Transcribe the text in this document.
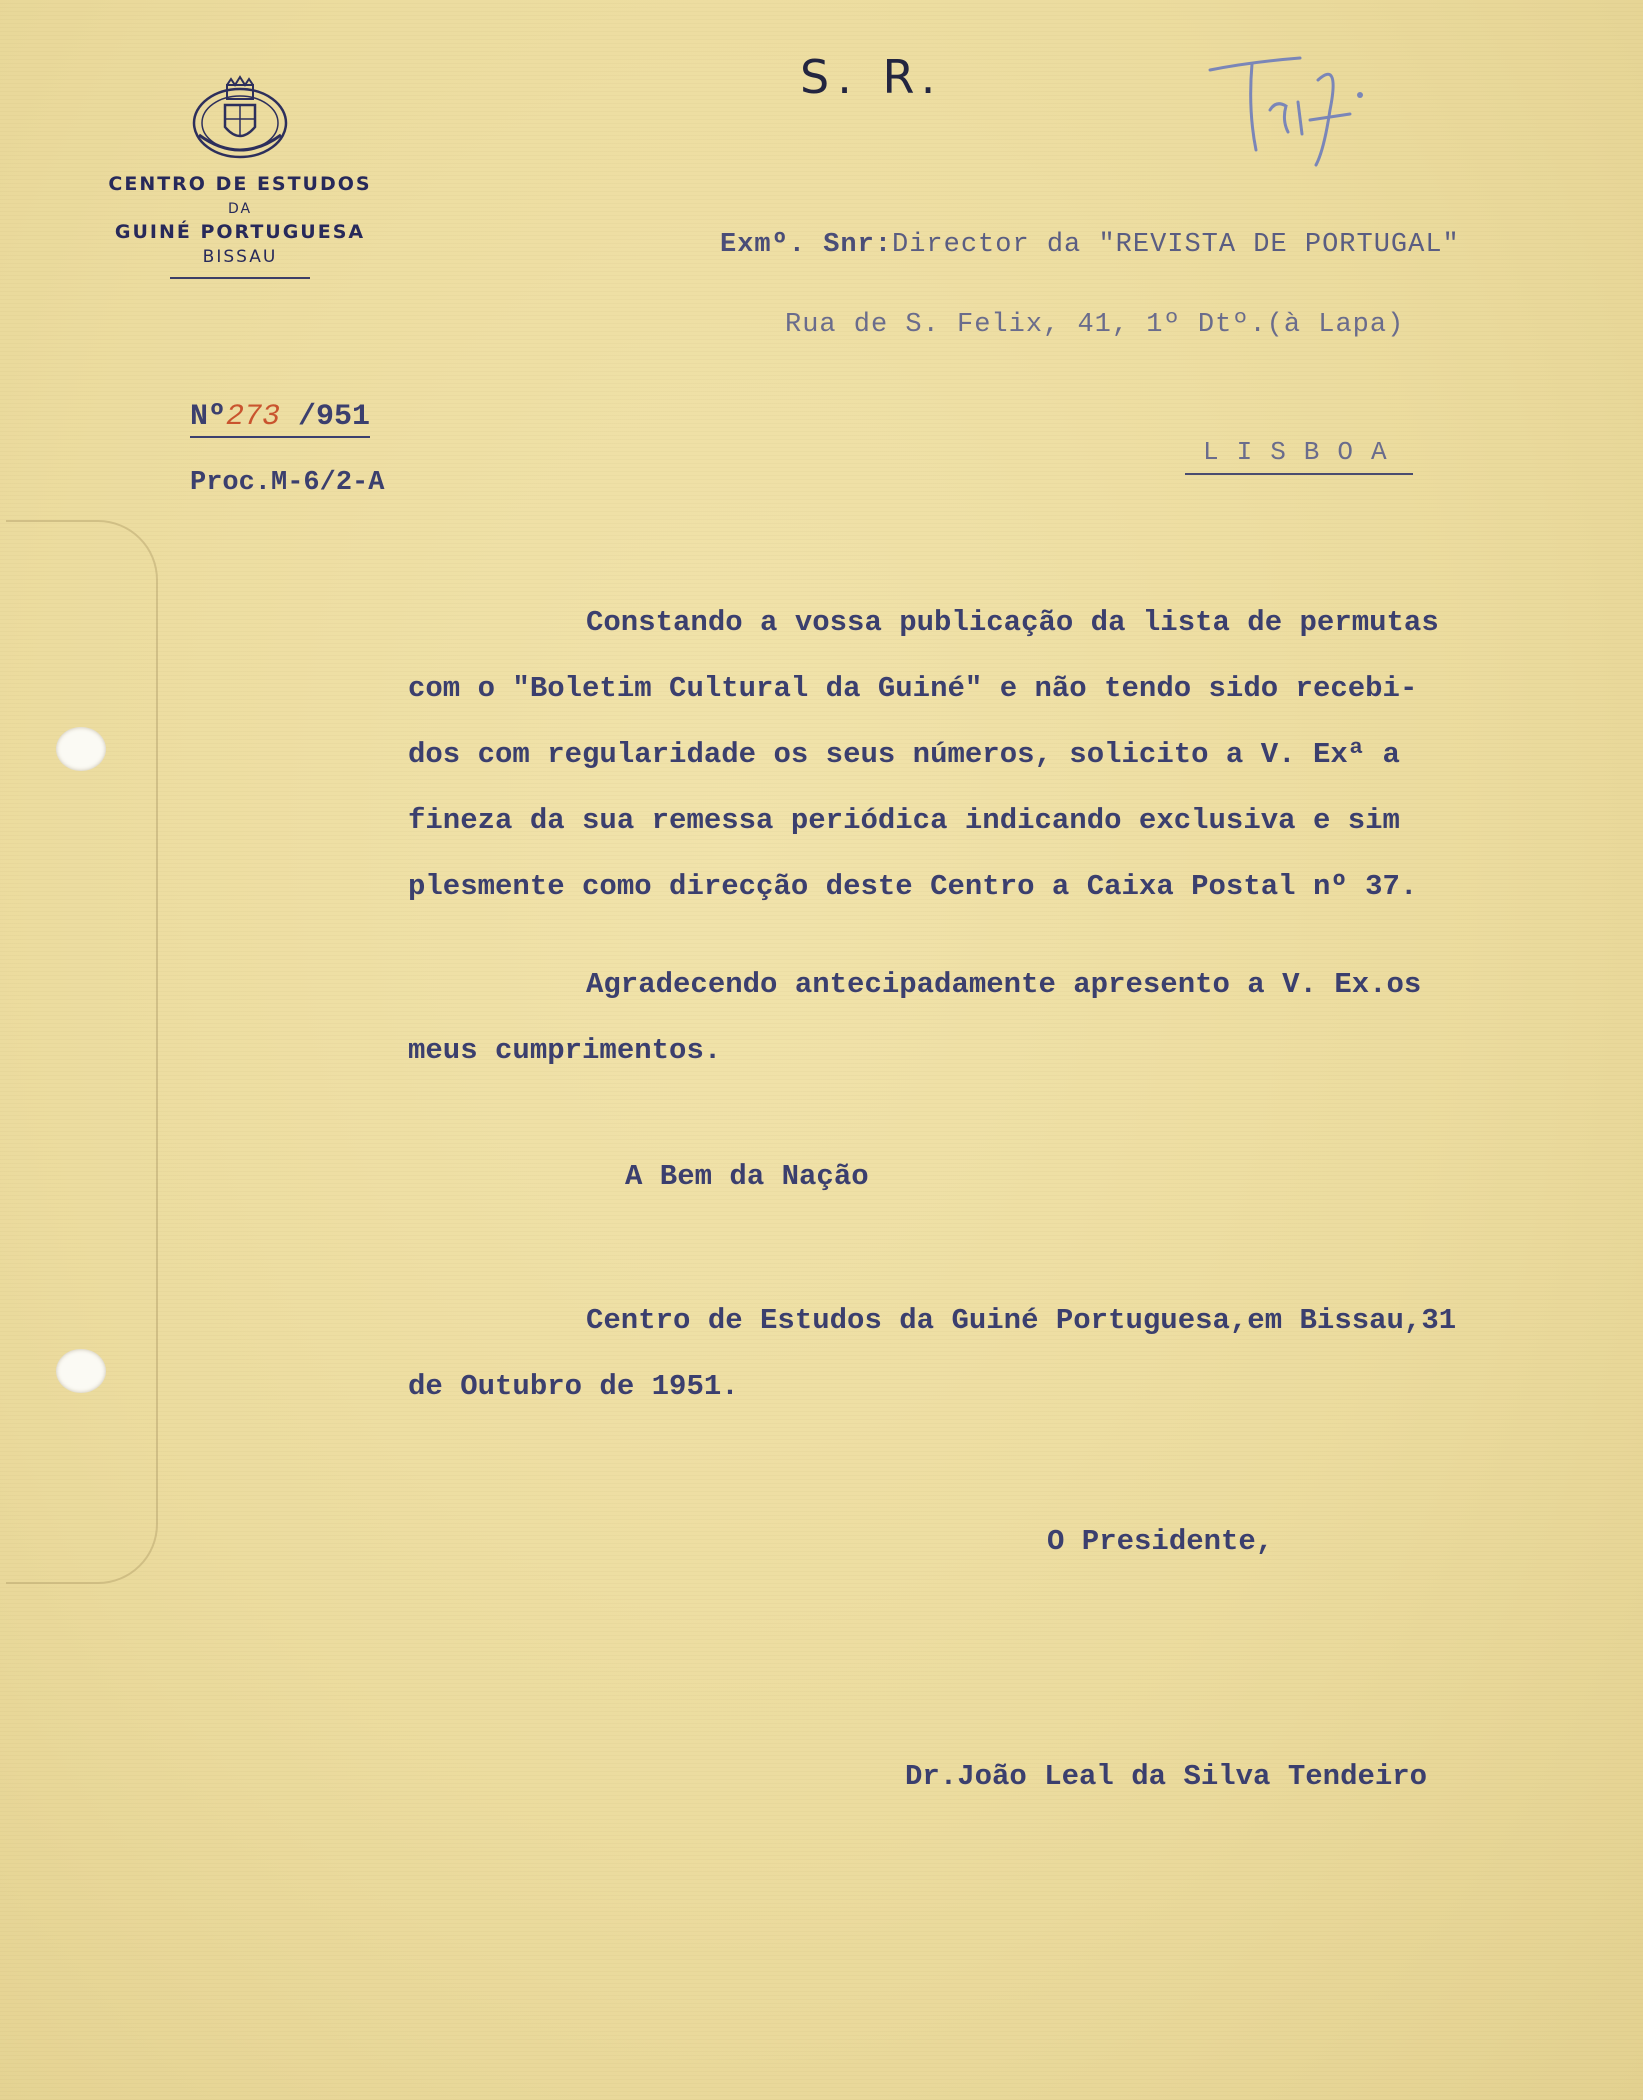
CENTRO DE ESTUDOS
DA
GUINÉ PORTUGUESA
BISSAU
S. R.
Exmº. Snr:Director da "REVISTA DE PORTUGAL"
Rua de S. Felix, 41, 1º Dtº.(à Lapa)
LISBOA
Nº273 /951
Proc.M-6/2-A
Constando a vossa publicação da lista de permutas
com o "Boletim Cultural da Guiné" e não tendo sido recebi-
dos com regularidade os seus números, solicito a V. Exª a
fineza da sua remessa periódica indicando exclusiva e sim
plesmente como direcção deste Centro a Caixa Postal nº 37.
Agradecendo antecipadamente apresento a V. Ex.os
meus cumprimentos.
A Bem da Nação
Centro de Estudos da Guiné Portuguesa,em Bissau,31
de Outubro de 1951.
O Presidente,
Dr.João Leal da Silva Tendeiro
